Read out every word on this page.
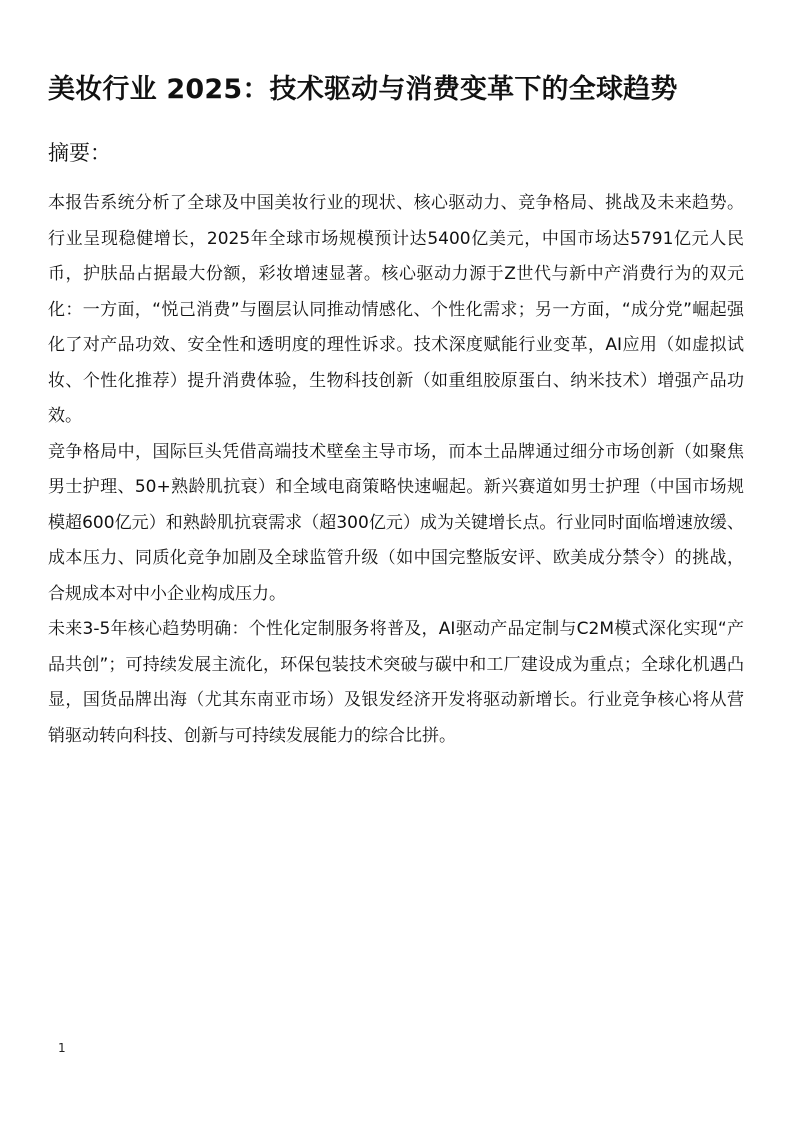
美妆行业 2025：技术驱动与消费变革下的全球趋势
摘要：

本报告系统分析了全球及中国美妆行业的现状、核心驱动力、竞争格局、挑战及未来趋势。行业呈现稳健增长，2025年全球市场规模预计达5400亿美元，中国市场达5791亿元人民币，护肤品占据最大份额，彩妆增速显著。核心驱动力源于Z世代与新中产消费行为的双元化：一方面，“悦己消费”与圈层认同推动情感化、个性化需求；另一方面，“成分党”崛起强化了对产品功效、安全性和透明度的理性诉求。技术深度赋能行业变革，AI应用（如虚拟试妆、个性化推荐）提升消费体验，生物科技创新（如重组胶原蛋白、纳米技术）增强产品功效。

竞争格局中，国际巨头凭借高端技术壁垒主导市场，而本土品牌通过细分市场创新（如聚焦男士护理、50+熟龄肌抗衰）和全域电商策略快速崛起。新兴赛道如男士护理（中国市场规模超600亿元）和熟龄肌抗衰需求（超300亿元）成为关键增长点。行业同时面临增速放缓、成本压力、同质化竞争加剧及全球监管升级（如中国完整版安评、欧美成分禁令）的挑战，合规成本对中小企业构成压力。

未来3-5年核心趋势明确：个性化定制服务将普及，AI驱动产品定制与C2M模式深化实现“产品共创”；可持续发展主流化，环保包装技术突破与碳中和工厂建设成为重点；全球化机遇凸显，国货品牌出海（尤其东南亚市场）及银发经济开发将驱动新增长。行业竞争核心将从营销驱动转向科技、创新与可持续发展能力的综合比拼。

1
